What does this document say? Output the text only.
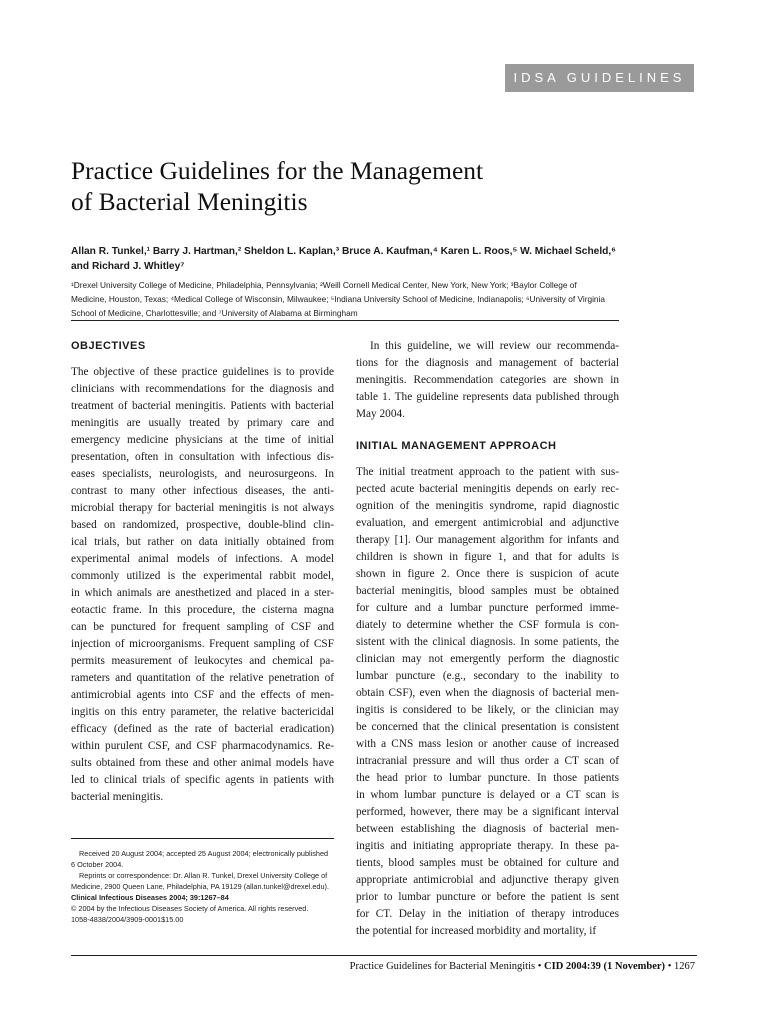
IDSA GUIDELINES
Practice Guidelines for the Management
of Bacterial Meningitis
Allan R. Tunkel,¹ Barry J. Hartman,² Sheldon L. Kaplan,³ Bruce A. Kaufman,⁴ Karen L. Roos,⁵ W. Michael Scheld,⁶
and Richard J. Whitley⁷
¹Drexel University College of Medicine, Philadelphia, Pennsylvania; ²Weill Cornell Medical Center, New York, New York; ³Baylor College of
Medicine, Houston, Texas; ⁴Medical College of Wisconsin, Milwaukee; ⁵Indiana University School of Medicine, Indianapolis; ⁶University of Virginia
School of Medicine, Charlottesville; and ⁷University of Alabama at Birmingham
OBJECTIVES
The objective of these practice guidelines is to provide
clinicians with recommendations for the diagnosis and
treatment of bacterial meningitis. Patients with bacterial
meningitis are usually treated by primary care and
emergency medicine physicians at the time of initial
presentation, often in consultation with infectious dis-
eases specialists, neurologists, and neurosurgeons. In
contrast to many other infectious diseases, the anti-
microbial therapy for bacterial meningitis is not always
based on randomized, prospective, double-blind clin-
ical trials, but rather on data initially obtained from
experimental animal models of infections. A model
commonly utilized is the experimental rabbit model,
in which animals are anesthetized and placed in a ster-
eotactic frame. In this procedure, the cisterna magna
can be punctured for frequent sampling of CSF and
injection of microorganisms. Frequent sampling of CSF
permits measurement of leukocytes and chemical pa-
rameters and quantitation of the relative penetration of
antimicrobial agents into CSF and the effects of men-
ingitis on this entry parameter, the relative bactericidal
efficacy (defined as the rate of bacterial eradication)
within purulent CSF, and CSF pharmacodynamics. Re-
sults obtained from these and other animal models have
led to clinical trials of specific agents in patients with
bacterial meningitis.
Received 20 August 2004; accepted 25 August 2004; electronically published
6 October 2004.
Reprints or correspondence: Dr. Allan R. Tunkel, Drexel University College of
Medicine, 2900 Queen Lane, Philadelphia, PA 19129 (allan.tunkel@drexel.edu).
Clinical Infectious Diseases 2004; 39:1267–84
© 2004 by the Infectious Diseases Society of America. All rights reserved.
1058-4838/2004/3909-0001$15.00
In this guideline, we will review our recommenda-
tions for the diagnosis and management of bacterial
meningitis. Recommendation categories are shown in
table 1. The guideline represents data published through
May 2004.
INITIAL MANAGEMENT APPROACH
The initial treatment approach to the patient with sus-
pected acute bacterial meningitis depends on early rec-
ognition of the meningitis syndrome, rapid diagnostic
evaluation, and emergent antimicrobial and adjunctive
therapy [1]. Our management algorithm for infants and
children is shown in figure 1, and that for adults is
shown in figure 2. Once there is suspicion of acute
bacterial meningitis, blood samples must be obtained
for culture and a lumbar puncture performed imme-
diately to determine whether the CSF formula is con-
sistent with the clinical diagnosis. In some patients, the
clinician may not emergently perform the diagnostic
lumbar puncture (e.g., secondary to the inability to
obtain CSF), even when the diagnosis of bacterial men-
ingitis is considered to be likely, or the clinician may
be concerned that the clinical presentation is consistent
with a CNS mass lesion or another cause of increased
intracranial pressure and will thus order a CT scan of
the head prior to lumbar puncture. In those patients
in whom lumbar puncture is delayed or a CT scan is
performed, however, there may be a significant interval
between establishing the diagnosis of bacterial men-
ingitis and initiating appropriate therapy. In these pa-
tients, blood samples must be obtained for culture and
appropriate antimicrobial and adjunctive therapy given
prior to lumbar puncture or before the patient is sent
for CT. Delay in the initiation of therapy introduces
the potential for increased morbidity and mortality, if
Practice Guidelines for Bacterial Meningitis • CID 2004:39 (1 November) • 1267
